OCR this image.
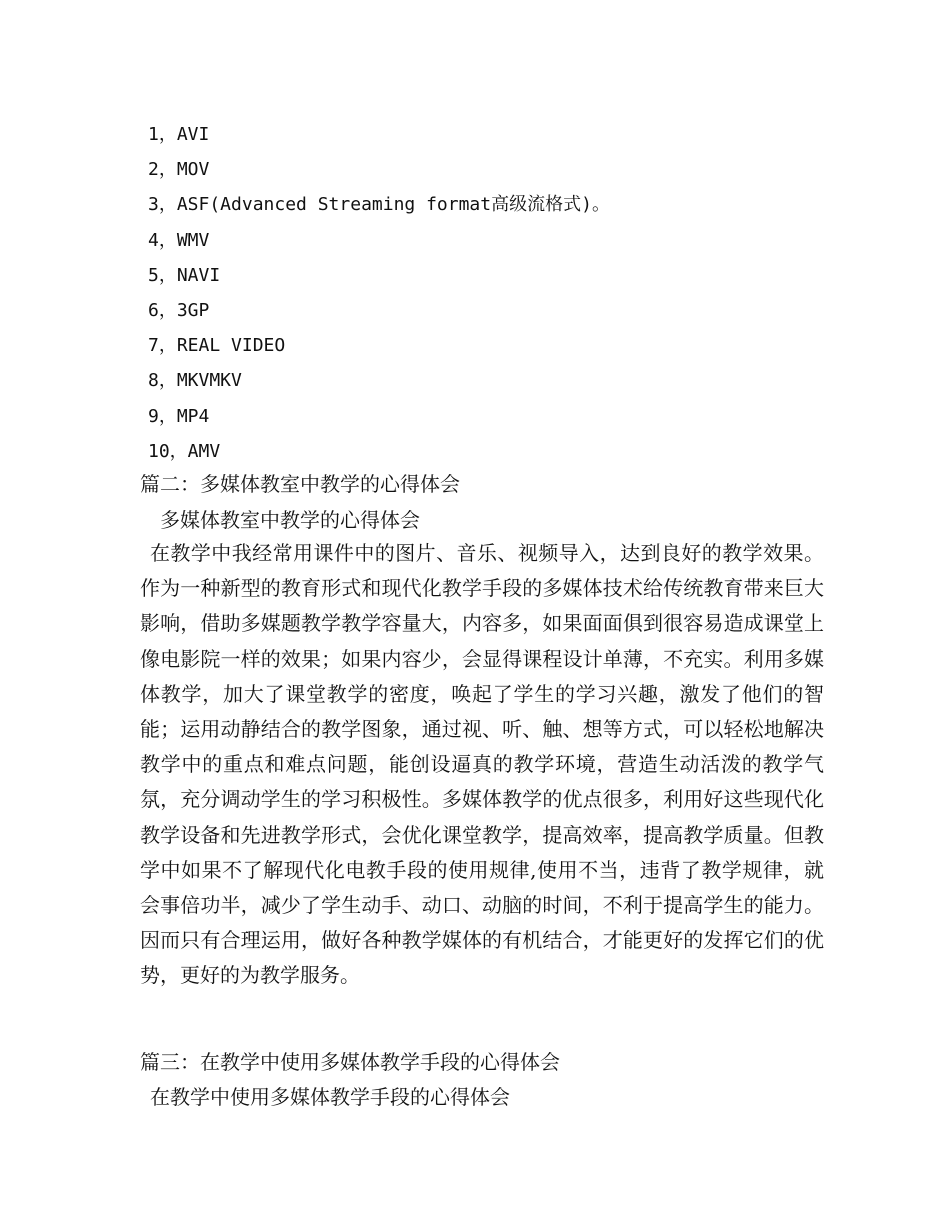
1，AVI
2，MOV
3，ASF(Advanced Streaming format高级流格式)。
4，WMV
5，NAVI
6，3GP
7，REAL VIDEO
8，MKVMKV
9，MP4
10，AMV
篇二：多媒体教室中教学的心得体会
多媒体教室中教学的心得体会

在教学中我经常用课件中的图片、音乐、视频导入，达到良好的教学效果。作为一种新型的教育形式和现代化教学手段的多媒体技术给传统教育带来巨大影响，借助多媒题教学教学容量大，内容多，如果面面俱到很容易造成课堂上像电影院一样的效果；如果内容少，会显得课程设计单薄，不充实。利用多媒体教学，加大了课堂教学的密度，唤起了学生的学习兴趣，激发了他们的智能；运用动静结合的教学图象，通过视、听、触、想等方式，可以轻松地解决教学中的重点和难点问题，能创设逼真的教学环境，营造生动活泼的教学气氛，充分调动学生的学习积极性。多媒体教学的优点很多，利用好这些现代化教学设备和先进教学形式，会优化课堂教学，提高效率，提高教学质量。但教学中如果不了解现代化电教手段的使用规律,使用不当，违背了教学规律，就会事倍功半，减少了学生动手、动口、动脑的时间，不利于提高学生的能力。因而只有合理运用，做好各种教学媒体的有机结合，才能更好的发挥它们的优势，更好的为教学服务。

篇三：在教学中使用多媒体教学手段的心得体会
在教学中使用多媒体教学手段的心得体会
